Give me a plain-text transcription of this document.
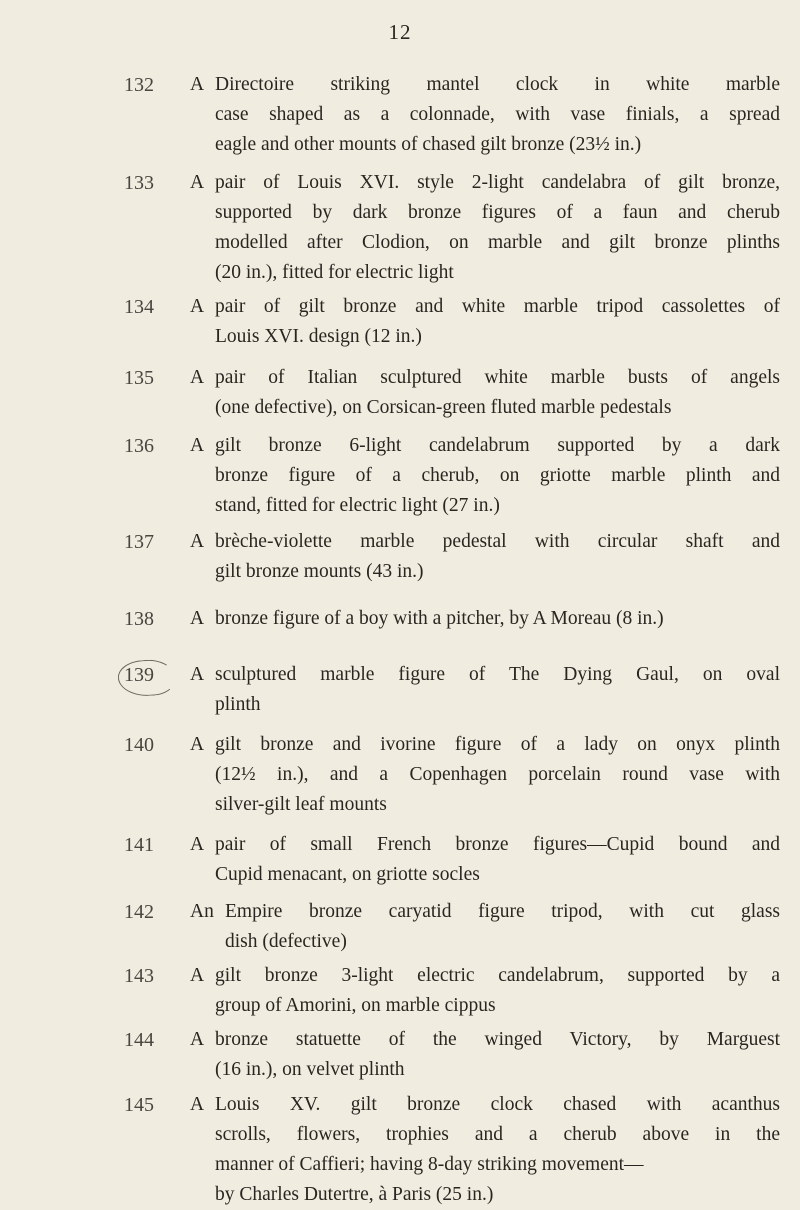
12
132	A Directoire striking mantel clock in white marble
case shaped as a colonnade, with vase finials, a spread
eagle and other mounts of chased gilt bronze (23½ in.)
133	A pair of Louis XVI. style 2-light candelabra of gilt bronze,
supported by dark bronze figures of a faun and cherub
modelled after Clodion, on marble and gilt bronze plinths
(20 in.), fitted for electric light
134	A pair of gilt bronze and white marble tripod cassolettes of
Louis XVI. design (12 in.)
135	A pair of Italian sculptured white marble busts of angels
(one defective), on Corsican-green fluted marble pedestals
136	A gilt bronze 6-light candelabrum supported by a dark
bronze figure of a cherub, on griotte marble plinth and
stand, fitted for electric light (27 in.)
137	A brèche-violette marble pedestal with circular shaft and
gilt bronze mounts (43 in.)
138	A bronze figure of a boy with a pitcher, by A Moreau (8 in.)
139	A sculptured marble figure of The Dying Gaul, on oval
plinth
140	A gilt bronze and ivorine figure of a lady on onyx plinth
(12½ in.), and a Copenhagen porcelain round vase with
silver-gilt leaf mounts
141	A pair of small French bronze figures—Cupid bound and
Cupid menacant, on griotte socles
142	An Empire bronze caryatid figure tripod, with cut glass
dish (defective)
143	A gilt bronze 3-light electric candelabrum, supported by a
group of Amorini, on marble cippus
144	A bronze statuette of the winged Victory, by Marguest
(16 in.), on velvet plinth
145	A Louis XV. gilt bronze clock chased with acanthus
scrolls, flowers, trophies and a cherub above in the
manner of Caffieri; having 8-day striking movement—
by Charles Dutertre, à Paris (25 in.)
